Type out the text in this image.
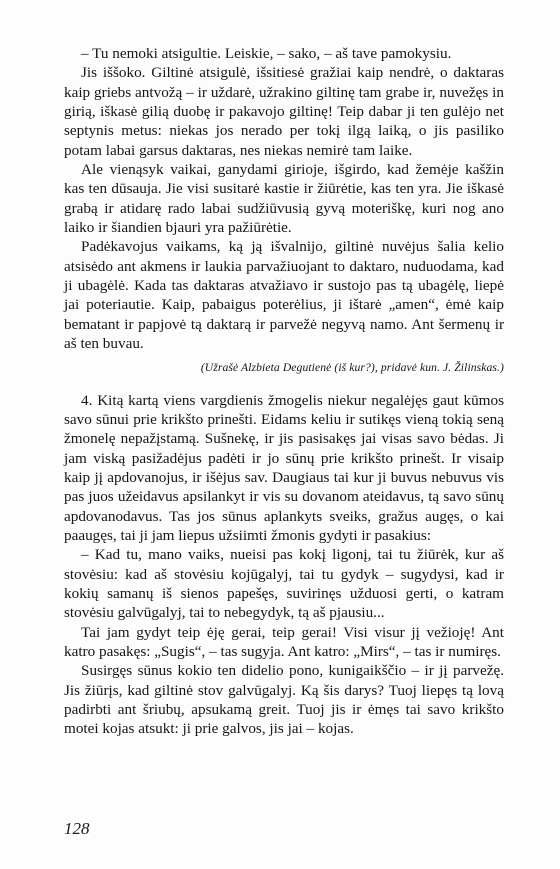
– Tu nemoki atsigultie. Leiskie, – sako, – aš tave pamokysiu.

Jis iššoko. Giltinė atsigulė, išsitiesė gražiai kaip nendrė, o daktaras kaip griebs antvožą – ir uždarė, užrakino giltinę tam grabe ir, nuvežęs in girią, iškasė gilią duobę ir pakavojo giltinę! Teip dabar ji ten gulėjo net septynis metus: niekas jos nerado per tokį ilgą laiką, o jis pasiliko potam labai garsus daktaras, nes niekas nemirė tam laike.

Ale vienąsyk vaikai, ganydami girioje, išgirdo, kad žemėje kašžin kas ten dūsauja. Jie visi susitarė kastie ir žiūrėtie, kas ten yra. Jie iškasė grabą ir atidarę rado labai sudžiūvusią gyvą moteriškę, kuri nog ano laiko ir šiandien bjauri yra pažiūrėtie.

Padėkavojus vaikams, ką ją išvalnijo, giltinė nuvėjus šalia kelio atsisėdo ant akmens ir laukia parvažiuojant to daktaro, nuduodama, kad ji ubagėlė. Kada tas daktaras atvažiavo ir sustojo pas tą ubagėlę, liepė jai poteriautie. Kaip, pabaigus poterėlius, ji ištarė „amen“, ėmė kaip bematant ir papjovė tą daktarą ir parvežė negyvą namo. Ant šermenų ir aš ten buvau.

(Užrašė Alzbieta Degutienė (iš kur?), pridavė kun. J. Žilinskas.)

4. Kitą kartą viens vargdienis žmogelis niekur negalėjęs gaut kūmos savo sūnui prie krikšto prinešti. Eidams keliu ir sutikęs vieną tokią seną žmonelę nepažįstamą. Sušnekę, ir jis pasisakęs jai visas savo bėdas. Ji jam viską pasižadėjus padėti ir jo sūnų prie krikšto prinešt. Ir visaip kaip jį apdovanojus, ir išėjus sav. Daugiaus tai kur ji buvus nebuvus vis pas juos užeidavus apsilankyt ir vis su dovanom ateidavus, tą savo sūnų apdovanodavus. Tas jos sūnus aplankyts sveiks, gražus augęs, o kai paaugęs, tai ji jam liepus užsiimti žmonis gydyti ir pasakius:

– Kad tu, mano vaiks, nueisi pas kokį ligonį, tai tu žiūrėk, kur aš stovėsiu: kad aš stovėsiu kojūgalyj, tai tu gydyk – sugydysi, kad ir kokių samanų iš sienos papešęs, suvirinęs užduosi gerti, o katram stovėsiu galvūgalyj, tai to nebegydyk, tą aš pjausiu...

Tai jam gydyt teip ėję gerai, teip gerai! Visi visur jį vežioję! Ant katro pasakęs: „Sugis“, – tas sugyja. Ant katro: „Mirs“, – tas ir numiręs.

Susirgęs sūnus kokio ten didelio pono, kunigaikščio – ir jį parvežę. Jis žiūrįs, kad giltinė stov galvūgalyj. Ką šis darys? Tuoj liepęs tą lovą padirbti ant šriubų, apsukamą greit. Tuoj jis ir ėmęs tai savo krikšto motei kojas atsukt: ji prie galvos, jis jai – kojas.

128
